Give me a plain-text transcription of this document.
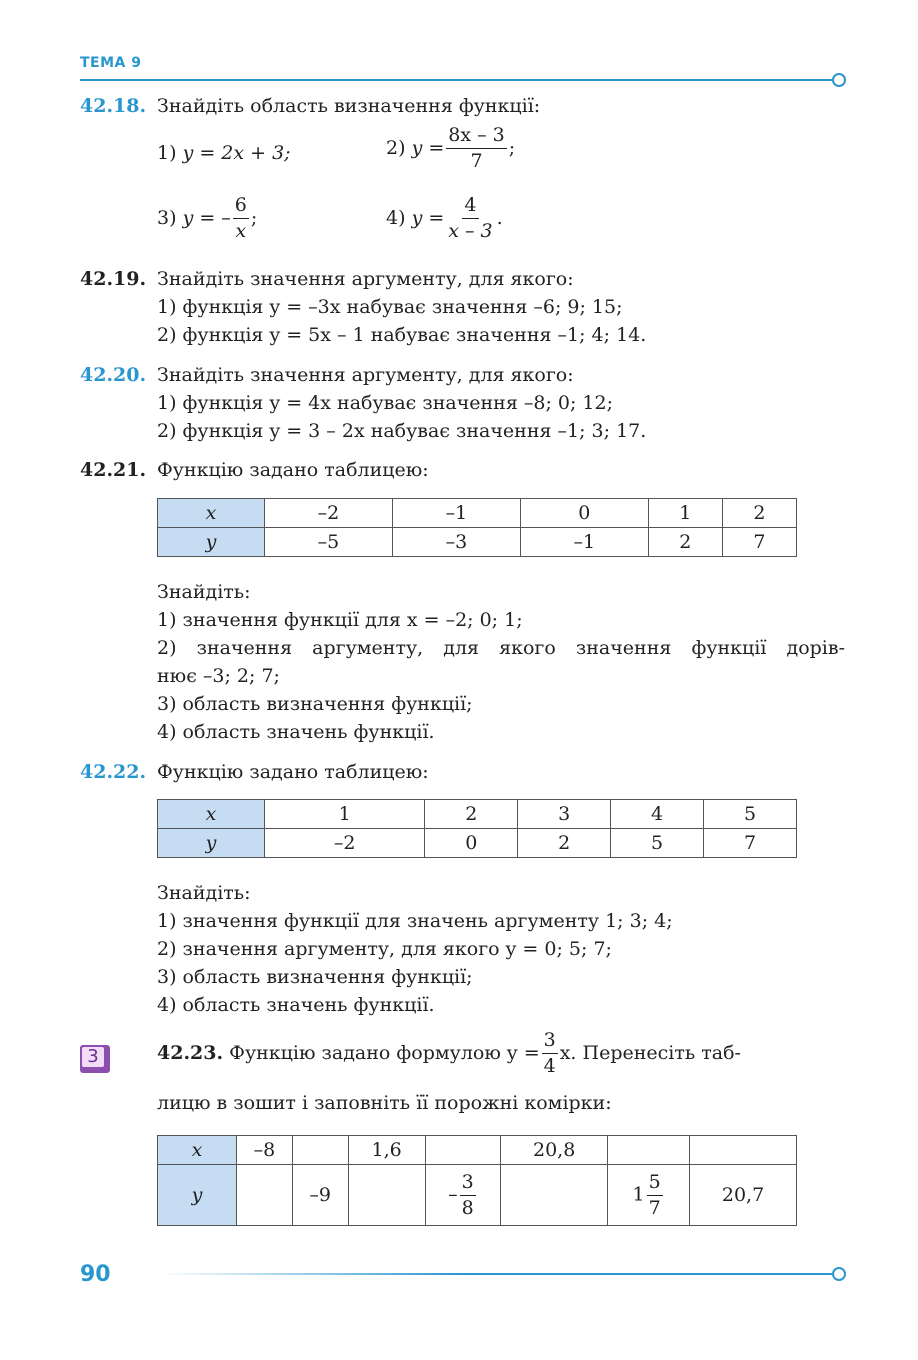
ТЕМА 9
42.18. Знайдіть область визначення функції:
1) y = 2x + 3;	2)
$y = \frac{8x - 3}{7}$ ;
3)
y = – $\frac{6}{x}$ ;	4)
$y = \frac{4}{x - 3}$ .
42.19. Знайдіть значення аргументу, для якого:
1) функція y = –3x набуває значення –6; 9; 15;
2) функція y = 5x – 1 набуває значення –1; 4; 14.
42.20. Знайдіть значення аргументу, для якого:
1) функція y = 4x набуває значення –8; 0; 12;
2) функція y = 3 – 2x набуває значення –1; 3; 17.
42.21. Функцію задано таблицею:
x	–2	–1	0	1	2
y	–5	–3	–1	2	7
Знайдіть:
1) значення функції для x = –2; 0; 1;
2) значення аргументу, для якого значення функції дорів-
нює –3; 2; 7;
3) область визначення функції;
4) область значень функції.
42.22. Функцію задано таблицею:
x	1	2	3	4	5
y	–2	0	2	5	7
Знайдіть:
1) значення функції для значень аргументу 1; 3; 4;
2) значення аргументу, для якого y = 0; 5; 7;
3) область визначення функції;
4) область значень функції.
3	42.23.
Функцію задано формулою $y = \frac{3}{4} x$. Перенесіть таб-
лицю в зошит і заповніть її порожні комірки:
x	–8		1,6		20,8		
y		–9		– $\frac{3}{8}$		$1 \frac{5}{7}$	20,7
90
